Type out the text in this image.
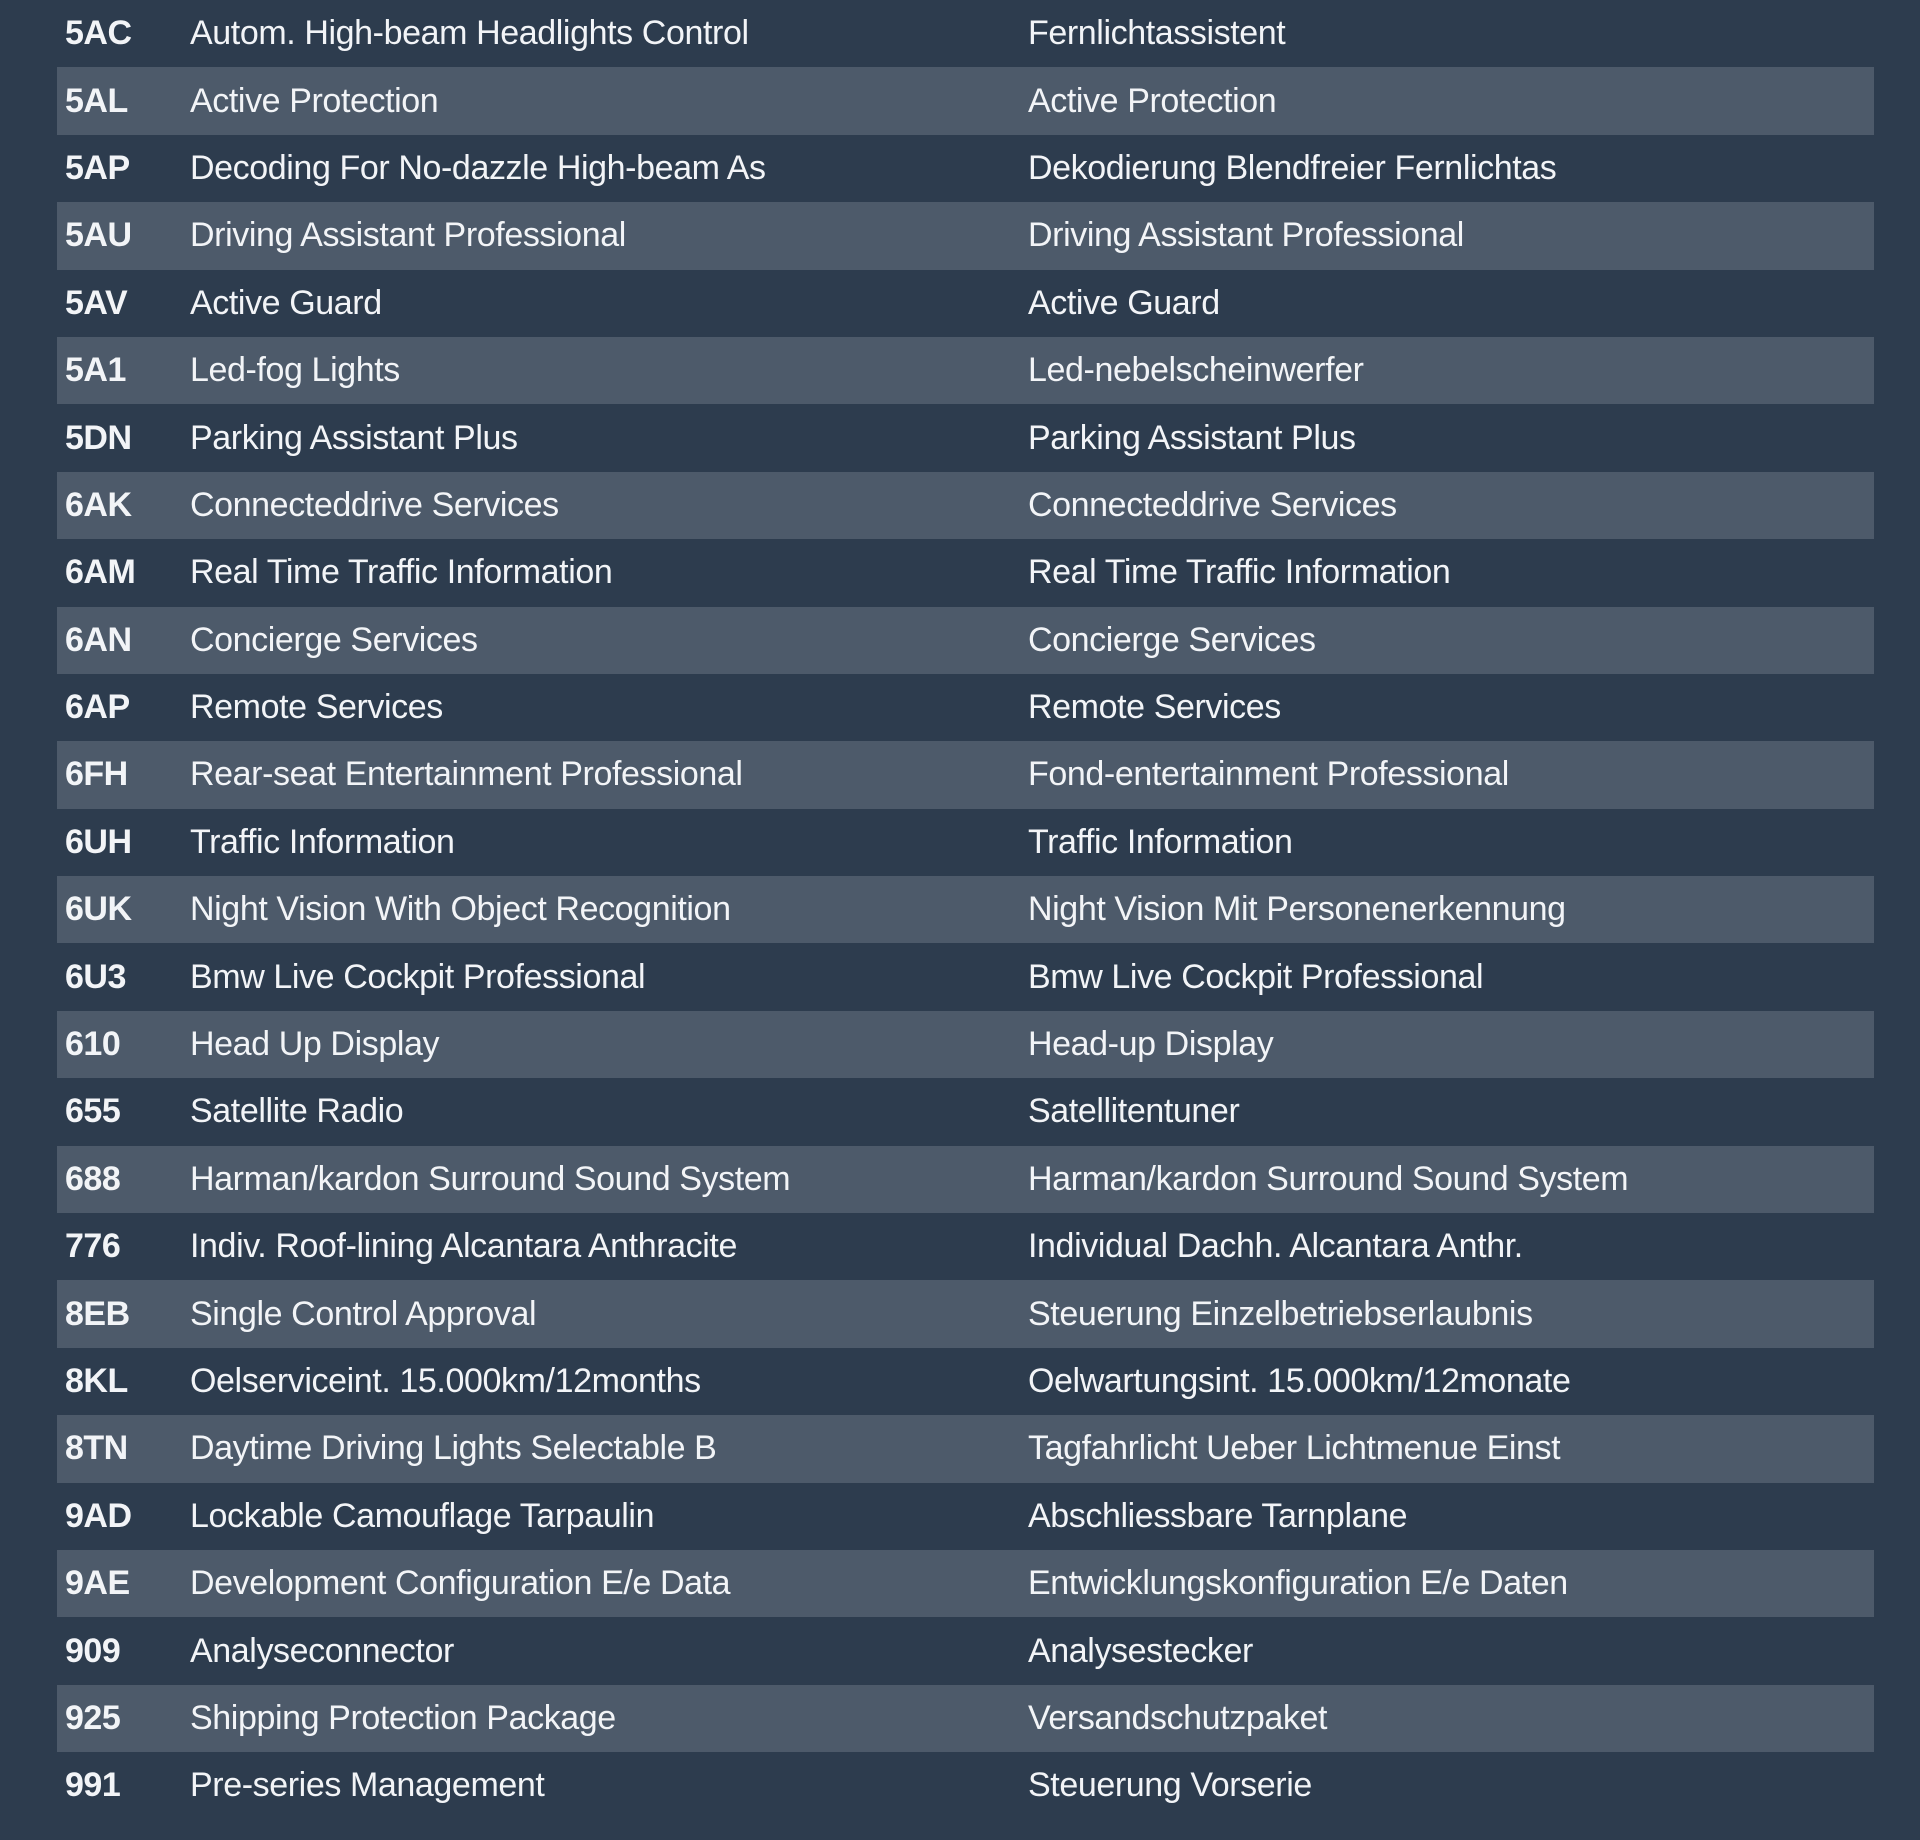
5AC	Autom. High-beam Headlights Control	Fernlichtassistent
5AL	Active Protection	Active Protection
5AP	Decoding For No-dazzle High-beam As	Dekodierung Blendfreier Fernlichtas
5AU	Driving Assistant Professional	Driving Assistant Professional
5AV	Active Guard	Active Guard
5A1	Led-fog Lights	Led-nebelscheinwerfer
5DN	Parking Assistant Plus	Parking Assistant Plus
6AK	Connecteddrive Services	Connecteddrive Services
6AM	Real Time Traffic Information	Real Time Traffic Information
6AN	Concierge Services	Concierge Services
6AP	Remote Services	Remote Services
6FH	Rear-seat Entertainment Professional	Fond-entertainment Professional
6UH	Traffic Information	Traffic Information
6UK	Night Vision With Object Recognition	Night Vision Mit Personenerkennung
6U3	Bmw Live Cockpit Professional	Bmw Live Cockpit Professional
610	Head Up Display	Head-up Display
655	Satellite Radio	Satellitentuner
688	Harman/kardon Surround Sound System	Harman/kardon Surround Sound System
776	Indiv. Roof-lining Alcantara Anthracite	Individual Dachh. Alcantara Anthr.
8EB	Single Control Approval	Steuerung Einzelbetriebserlaubnis
8KL	Oelserviceint. 15.000km/12months	Oelwartungsint. 15.000km/12monate
8TN	Daytime Driving Lights Selectable B	Tagfahrlicht Ueber Lichtmenue Einst
9AD	Lockable Camouflage Tarpaulin	Abschliessbare Tarnplane
9AE	Development Configuration E/e Data	Entwicklungskonfiguration E/e Daten
909	Analyseconnector	Analysestecker
925	Shipping Protection Package	Versandschutzpaket
991	Pre-series Management	Steuerung Vorserie
